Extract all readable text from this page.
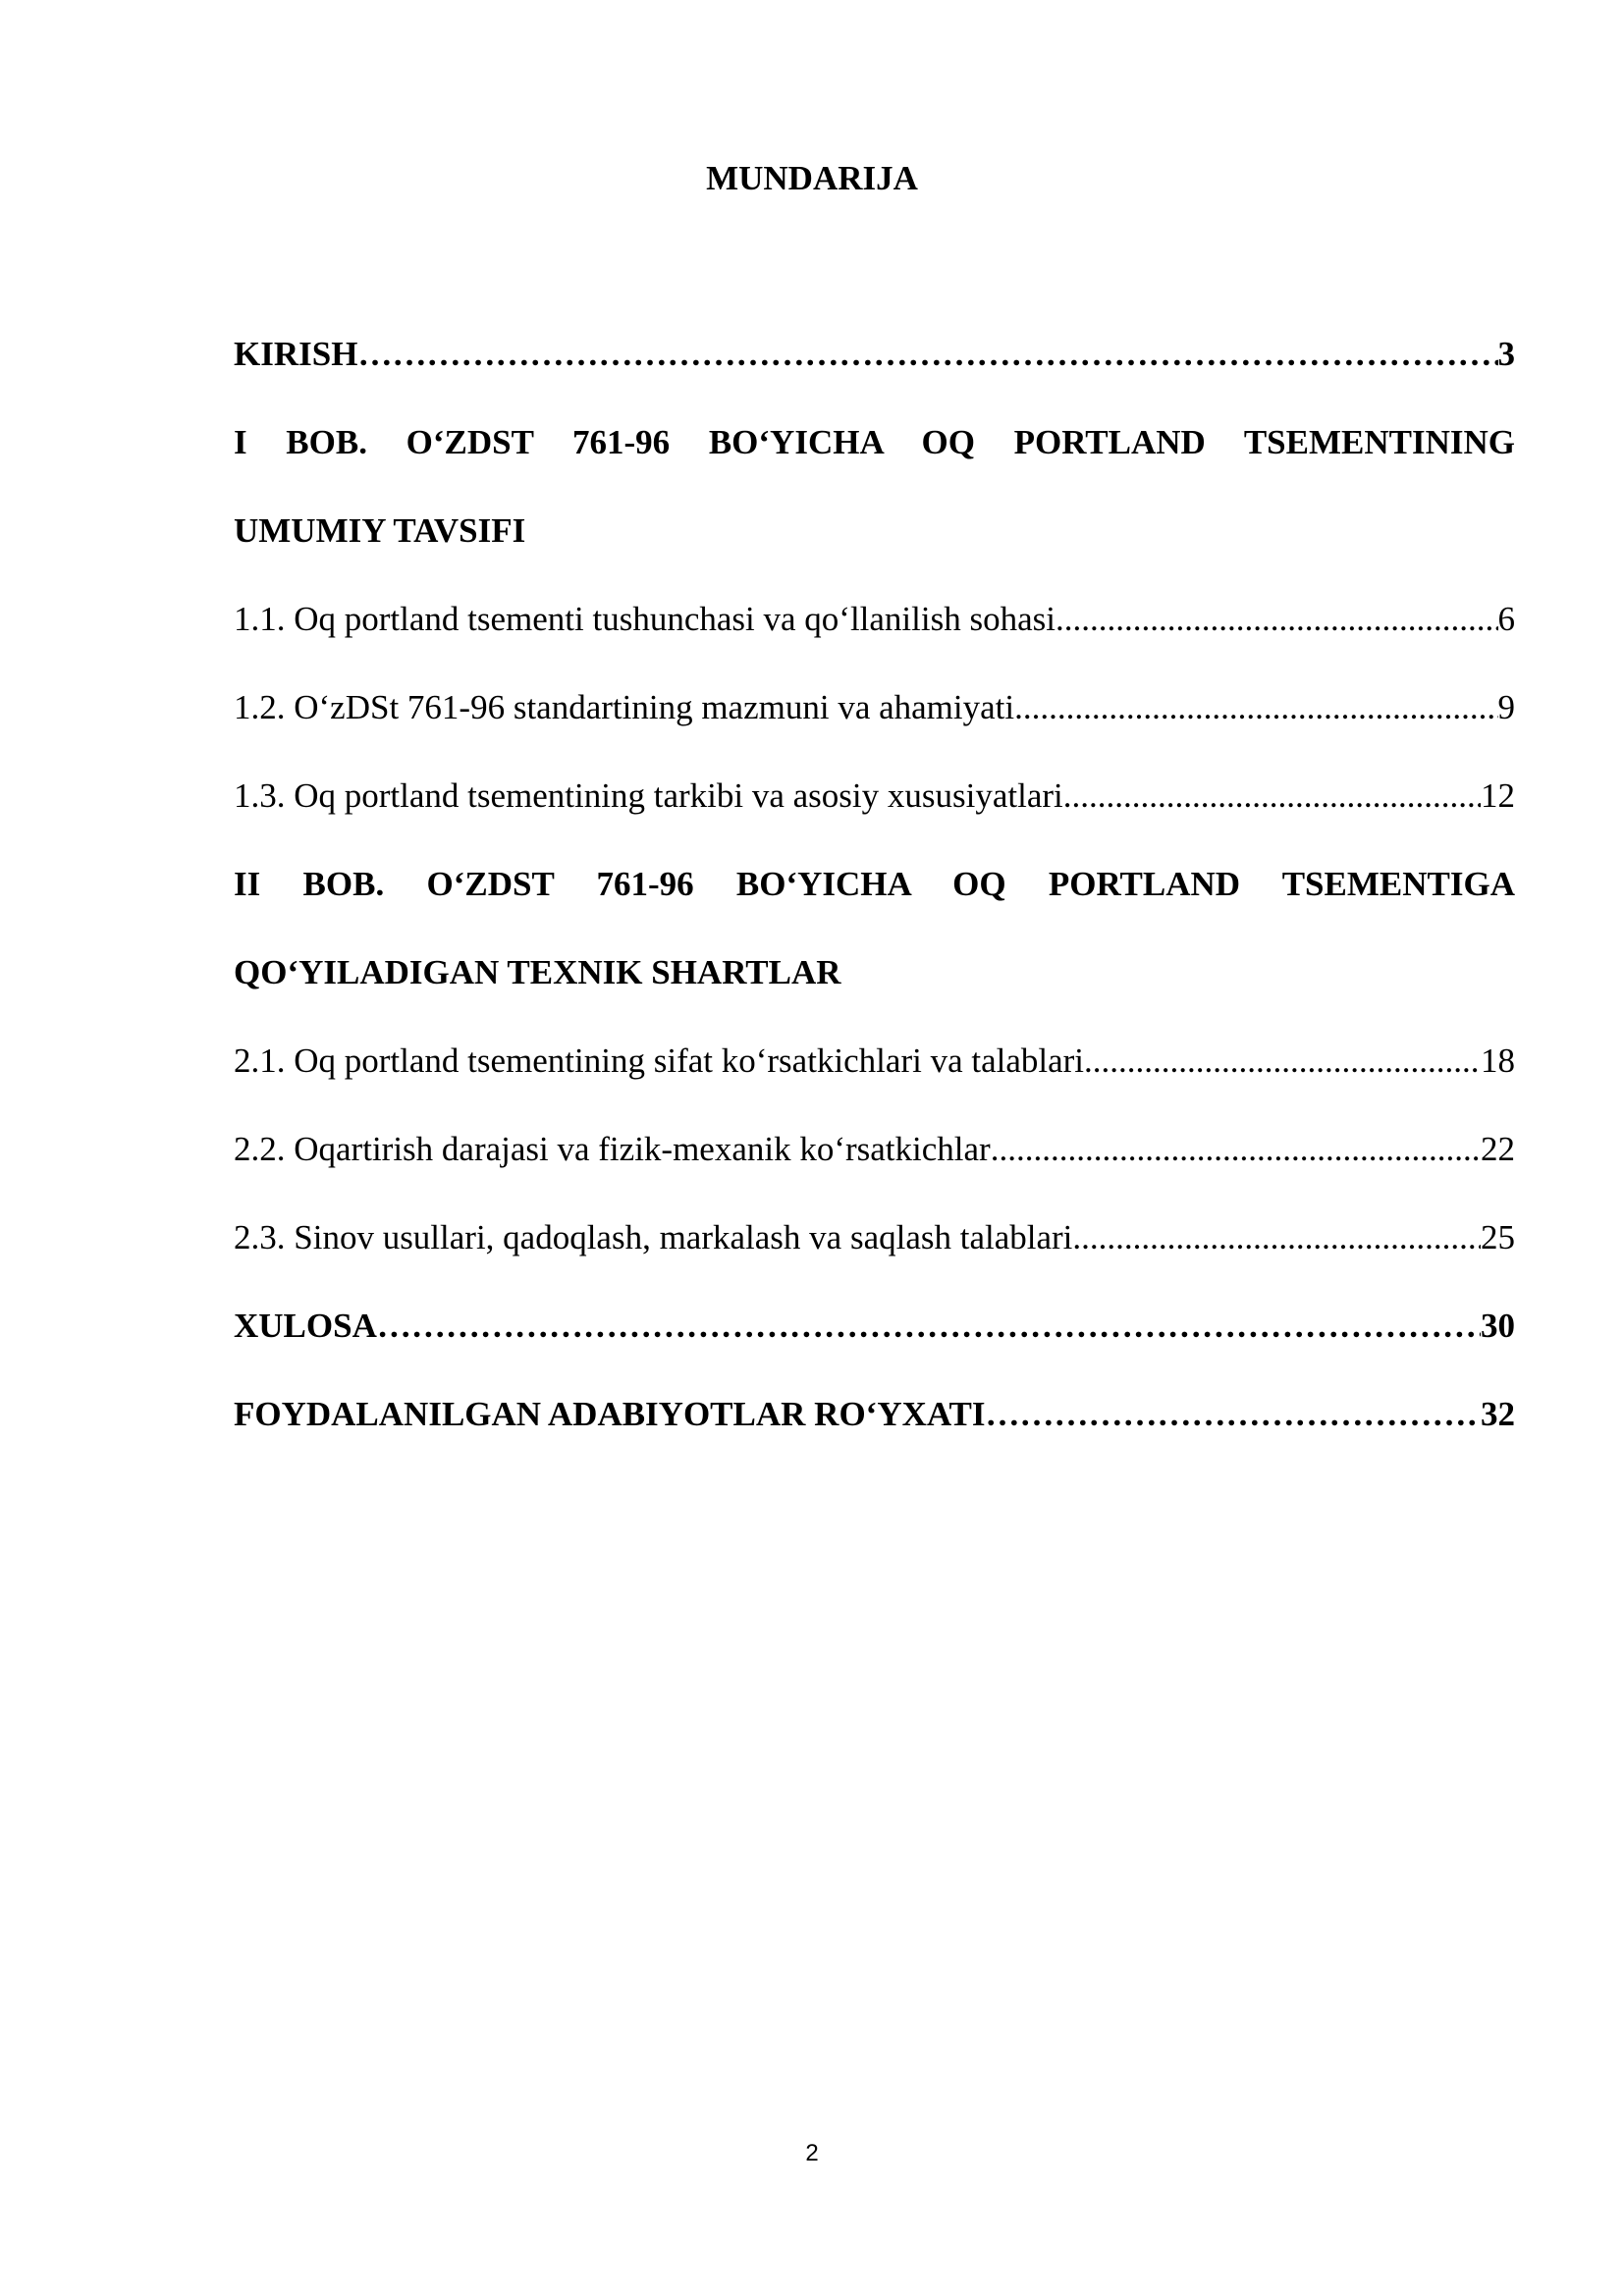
MUNDARIJA
KIRISH ………………………………………………………………………………………………………………………………………………………………………………………	3
I BOB. O‘ZDST 761-96 BO‘YICHA OQ PORTLAND TSEMENTINING
UMUMIY TAVSIFI
1.1. Oq portland tsementi tushunchasi va qo‘llanilish sohasi .....	6
1.2. O‘zDSt 761-96 standartining mazmuni va ahamiyati .....	9
1.3. Oq portland tsementining tarkibi va asosiy xususiyatlari .....	12
II BOB. O‘ZDST 761-96 BO‘YICHA OQ PORTLAND TSEMENTIGA
QO‘YILADIGAN TEXNIK SHARTLAR
2.1. Oq portland tsementining sifat ko‘rsatkichlari va talablari .....	18
2.2. Oqartirish darajasi va fizik-mexanik ko‘rsatkichlar .....	22
2.3. Sinov usullari, qadoqlash, markalash va saqlash talablari .....	25
XULOSA ………………………………………………………………………………………………………………………………………………………………………………………	30
FOYDALANILGAN ADABIYOTLAR RO‘YXATI ………………………………………………………………………………………………………………………………………………………………………………………	32
2
